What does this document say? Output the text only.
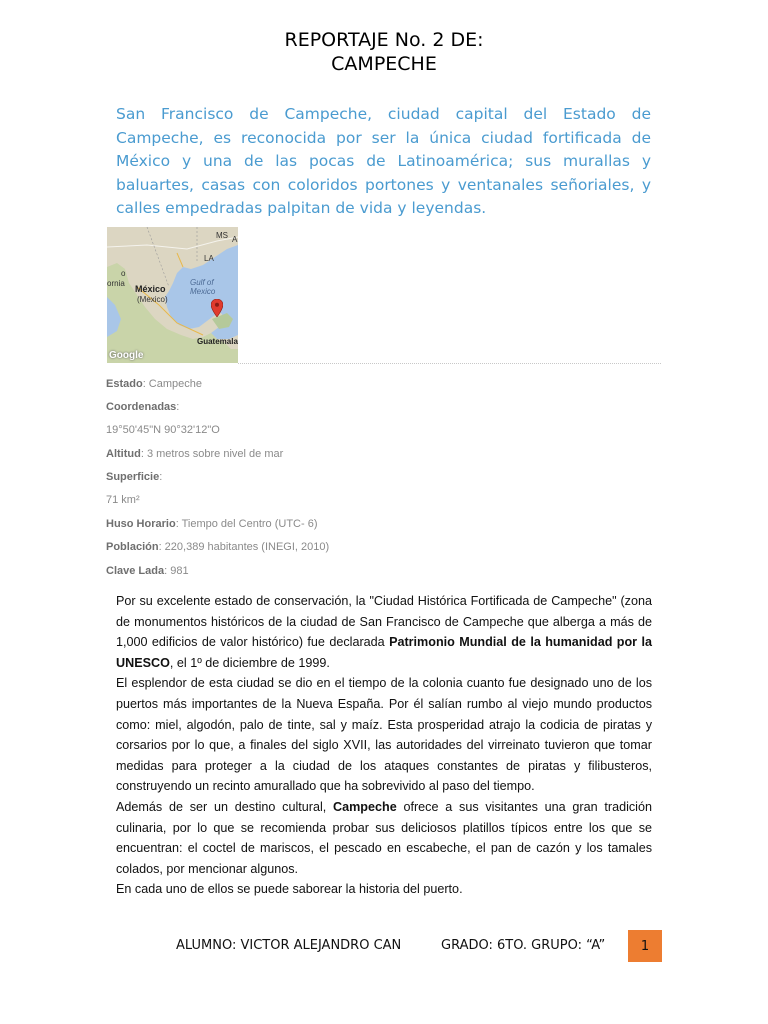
REPORTAJE No. 2 DE:
CAMPECHE
San Francisco de Campeche, ciudad capital del Estado de Campeche, es reconocida por ser la única ciudad fortificada de México y una de las pocas de Latinoamérica; sus murallas y baluartes, casas con coloridos portones y ventanales señoriales, y calles empedradas palpitan de vida y leyendas.
MS A
LA
Gulf of
Mexico
México
(Mexico)
o
ornia
Guatemala
Google
Estado: Campeche
Coordenadas:
19°50'45"N 90°32'12"O
Altitud: 3 metros sobre nivel de mar
Superficie:
71 km²
Huso Horario: Tiempo del Centro (UTC- 6)
Población: 220,389 habitantes (INEGI, 2010)
Clave Lada: 981

Por su excelente estado de conservación, la "Ciudad Histórica Fortificada de Campeche" (zona de monumentos históricos de la ciudad de San Francisco de Campeche que alberga a más de 1,000 edificios de valor histórico) fue declarada Patrimonio Mundial de la humanidad por la UNESCO, el 1º de diciembre de 1999.

El esplendor de esta ciudad se dio en el tiempo de la colonia cuanto fue designado uno de los puertos más importantes de la Nueva España. Por él salían rumbo al viejo mundo productos como: miel, algodón, palo de tinte, sal y maíz. Esta prosperidad atrajo la codicia de piratas y corsarios por lo que, a finales del siglo XVII, las autoridades del virreinato tuvieron que tomar medidas para proteger a la ciudad de los ataques constantes de piratas y filibusteros, construyendo un recinto amurallado que ha sobrevivido al paso del tiempo.

Además de ser un destino cultural, Campeche ofrece a sus visitantes una gran tradición culinaria, por lo que se recomienda probar sus deliciosos platillos típicos entre los que se encuentran: el coctel de mariscos, el pescado en escabeche, el pan de cazón y los tamales colados, por mencionar algunos.

En cada uno de ellos se puede saborear la historia del puerto.

ALUMNO: VICTOR ALEJANDRO CAN	GRADO: 6TO. GRUPO: “A”	1
